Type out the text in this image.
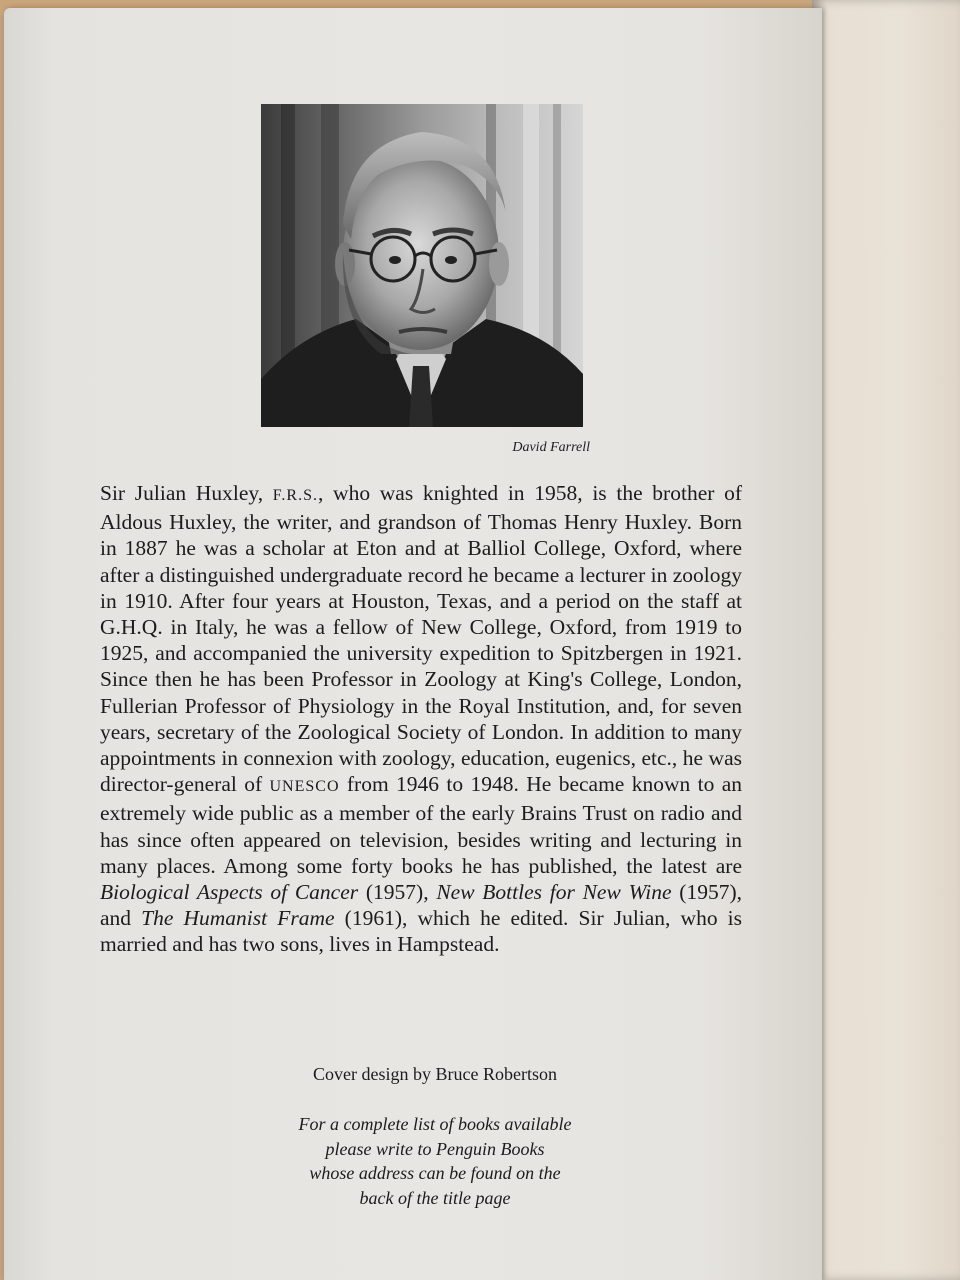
David Farrell

Sir Julian Huxley, F.R.S., who was knighted in 1958, is the brother of Aldous Huxley, the writer, and grandson of Thomas Henry Huxley. Born in 1887 he was a scholar at Eton and at Balliol College, Oxford, where after a distinguished undergraduate record he became a lecturer in zoology in 1910. After four years at Houston, Texas, and a period on the staff at G.H.Q. in Italy, he was a fellow of New College, Oxford, from 1919 to 1925, and accompanied the university expedition to Spitzbergen in 1921. Since then he has been Professor in Zoology at King's College, London, Fullerian Professor of Physiology in the Royal Institution, and, for seven years, secretary of the Zoological Society of London. In addition to many appointments in connexion with zoology, education, eugenics, etc., he was director-general of UNESCO from 1946 to 1948. He became known to an extremely wide public as a member of the early Brains Trust on radio and has since often appeared on television, besides writing and lecturing in many places. Among some forty books he has published, the latest are Biological Aspects of Cancer (1957), New Bottles for New Wine (1957), and The Humanist Frame (1961), which he edited. Sir Julian, who is married and has two sons, lives in Hampstead.

Cover design by Bruce Robertson
For a complete list of books available
please write to Penguin Books
whose address can be found on the
back of the title page
